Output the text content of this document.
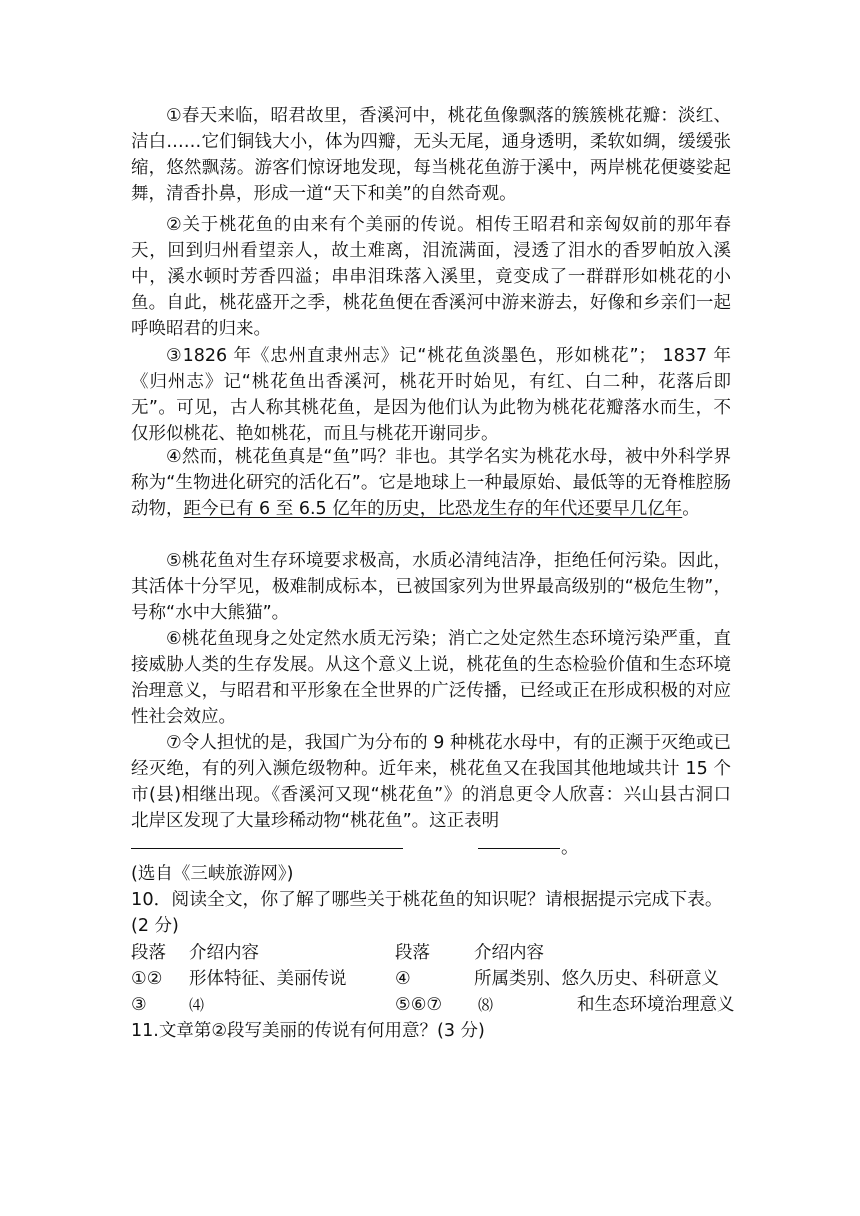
①春天来临，昭君故里，香溪河中，桃花鱼像飘落的簇簇桃花瓣：淡红、洁白……它们铜钱大小，体为四瓣，无头无尾，通身透明，柔软如绸，缓缓张缩，悠然飘荡。游客们惊讶地发现，每当桃花鱼游于溪中，两岸桃花便婆娑起舞，清香扑鼻，形成一道“天下和美”的自然奇观。

②关于桃花鱼的由来有个美丽的传说。相传王昭君和亲匈奴前的那年春天，回到归州看望亲人，故土难离，泪流满面，浸透了泪水的香罗帕放入溪中，溪水顿时芳香四溢；串串泪珠落入溪里，竟变成了一群群形如桃花的小鱼。自此，桃花盛开之季，桃花鱼便在香溪河中游来游去，好像和乡亲们一起呼唤昭君的归来。

③1826 年《忠州直隶州志》记“桃花鱼淡墨色，形如桃花”； 1837 年《归州志》记“桃花鱼出香溪河，桃花开时始见，有红、白二种，花落后即无”。可见，古人称其桃花鱼，是因为他们认为此物为桃花花瓣落水而生，不仅形似桃花、艳如桃花，而且与桃花开谢同步。

④然而，桃花鱼真是“鱼”吗？非也。其学名实为桃花水母，被中外科学界称为“生物进化研究的活化石”。它是地球上一种最原始、最低等的无脊椎腔肠动物，距今已有 6 至 6.5 亿年的历史，比恐龙生存的年代还要早几亿年。

⑤桃花鱼对生存环境要求极高，水质必清纯洁净，拒绝任何污染。因此，其活体十分罕见，极难制成标本，已被国家列为世界最高级别的“极危生物”，号称“水中大熊猫”。

⑥桃花鱼现身之处定然水质无污染；消亡之处定然生态环境污染严重，直接威胁人类的生存发展。从这个意义上说，桃花鱼的生态检验价值和生态环境治理意义，与昭君和平形象在全世界的广泛传播，已经或正在形成积极的对应性社会效应。

⑦令人担忧的是，我国广为分布的 9 种桃花水母中，有的正濒于灭绝或已经灭绝，有的列入濒危级物种。近年来，桃花鱼又在我国其他地域共计 15 个市(县)相继出现。《香溪河又现“桃花鱼”》的消息更令人欣喜：兴山县古洞口北岸区发现了大量珍稀动物“桃花鱼”。这正表明

。

(选自《三峡旅游网》)

10．阅读全文，你了解了哪些关于桃花鱼的知识呢？请根据提示完成下表。

(2 分)

段落 介绍内容	段落	介绍内容
①② 形体特征、美丽传说	④	所属类别、悠久历史、科研意义
③	⑷	⑤⑥⑦ ⑻	和生态环境治理意义

11.文章第②段写美丽的传说有何用意？(3 分)
